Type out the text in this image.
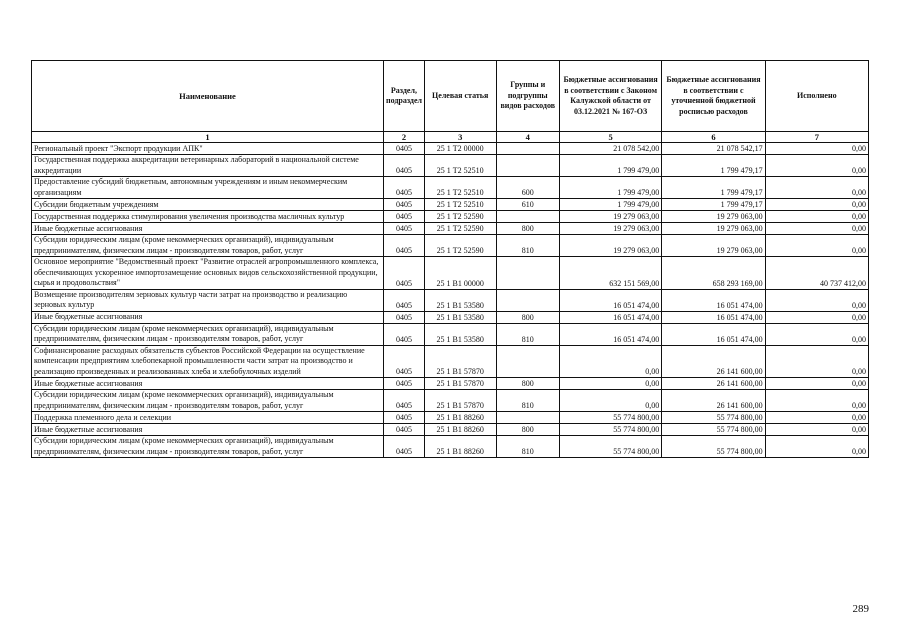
Наименование	Раздел, подраздел	Целевая статья	Группы и подгруппы видов расходов	Бюджетные ассигнования в соответствии с Законом Калужской области от 03.12.2021 № 167-ОЗ	Бюджетные ассигнования в соответствии с уточненной бюджетной росписью расходов	Исполнено
1	2	3	4	5	6	7
Региональный проект "Экспорт продукции АПК"	0405	25 1 Т2 00000		21 078 542,00	21 078 542,17	0,00
Государственная поддержка аккредитации ветеринарных лабораторий в национальной системе аккредитации	0405	25 1 Т2 52510		1 799 479,00	1 799 479,17	0,00
Предоставление субсидий бюджетным, автономным учреждениям и иным некоммерческим организациям	0405	25 1 Т2 52510	600	1 799 479,00	1 799 479,17	0,00
Субсидии бюджетным учреждениям	0405	25 1 Т2 52510	610	1 799 479,00	1 799 479,17	0,00
Государственная поддержка стимулирования увеличения производства масличных культур	0405	25 1 Т2 52590		19 279 063,00	19 279 063,00	0,00
Иные бюджетные ассигнования	0405	25 1 Т2 52590	800	19 279 063,00	19 279 063,00	0,00
Субсидии юридическим лицам (кроме некоммерческих организаций), индивидуальным предпринимателям, физическим лицам - производителям товаров, работ, услуг	0405	25 1 Т2 52590	810	19 279 063,00	19 279 063,00	0,00
Основное мероприятие "Ведомственный проект "Развитие отраслей агропромышленного комплекса, обеспечивающих ускоренное импортозамещение основных видов сельскохозяйственной продукции, сырья и продовольствия"	0405	25 1 В1 00000		632 151 569,00	658 293 169,00	40 737 412,00
Возмещение производителям зерновых культур части затрат на производство и реализацию зерновых культур	0405	25 1 В1 53580		16 051 474,00	16 051 474,00	0,00
Иные бюджетные ассигнования	0405	25 1 В1 53580	800	16 051 474,00	16 051 474,00	0,00
Субсидии юридическим лицам (кроме некоммерческих организаций), индивидуальным предпринимателям, физическим лицам - производителям товаров, работ, услуг	0405	25 1 В1 53580	810	16 051 474,00	16 051 474,00	0,00
Софинансирование расходных обязательств субъектов Российской Федерации на осуществление компенсации предприятиям хлебопекарной промышленности части затрат на производство и реализацию произведенных и реализованных хлеба и хлебобулочных изделий	0405	25 1 В1 57870		0,00	26 141 600,00	0,00
Иные бюджетные ассигнования	0405	25 1 В1 57870	800	0,00	26 141 600,00	0,00
Субсидии юридическим лицам (кроме некоммерческих организаций), индивидуальным предпринимателям, физическим лицам - производителям товаров, работ, услуг	0405	25 1 В1 57870	810	0,00	26 141 600,00	0,00
Поддержка племенного дела и селекции	0405	25 1 В1 88260		55 774 800,00	55 774 800,00	0,00
Иные бюджетные ассигнования	0405	25 1 В1 88260	800	55 774 800,00	55 774 800,00	0,00
Субсидии юридическим лицам (кроме некоммерческих организаций), индивидуальным предпринимателям, физическим лицам - производителям товаров, работ, услуг	0405	25 1 В1 88260	810	55 774 800,00	55 774 800,00	0,00
289
